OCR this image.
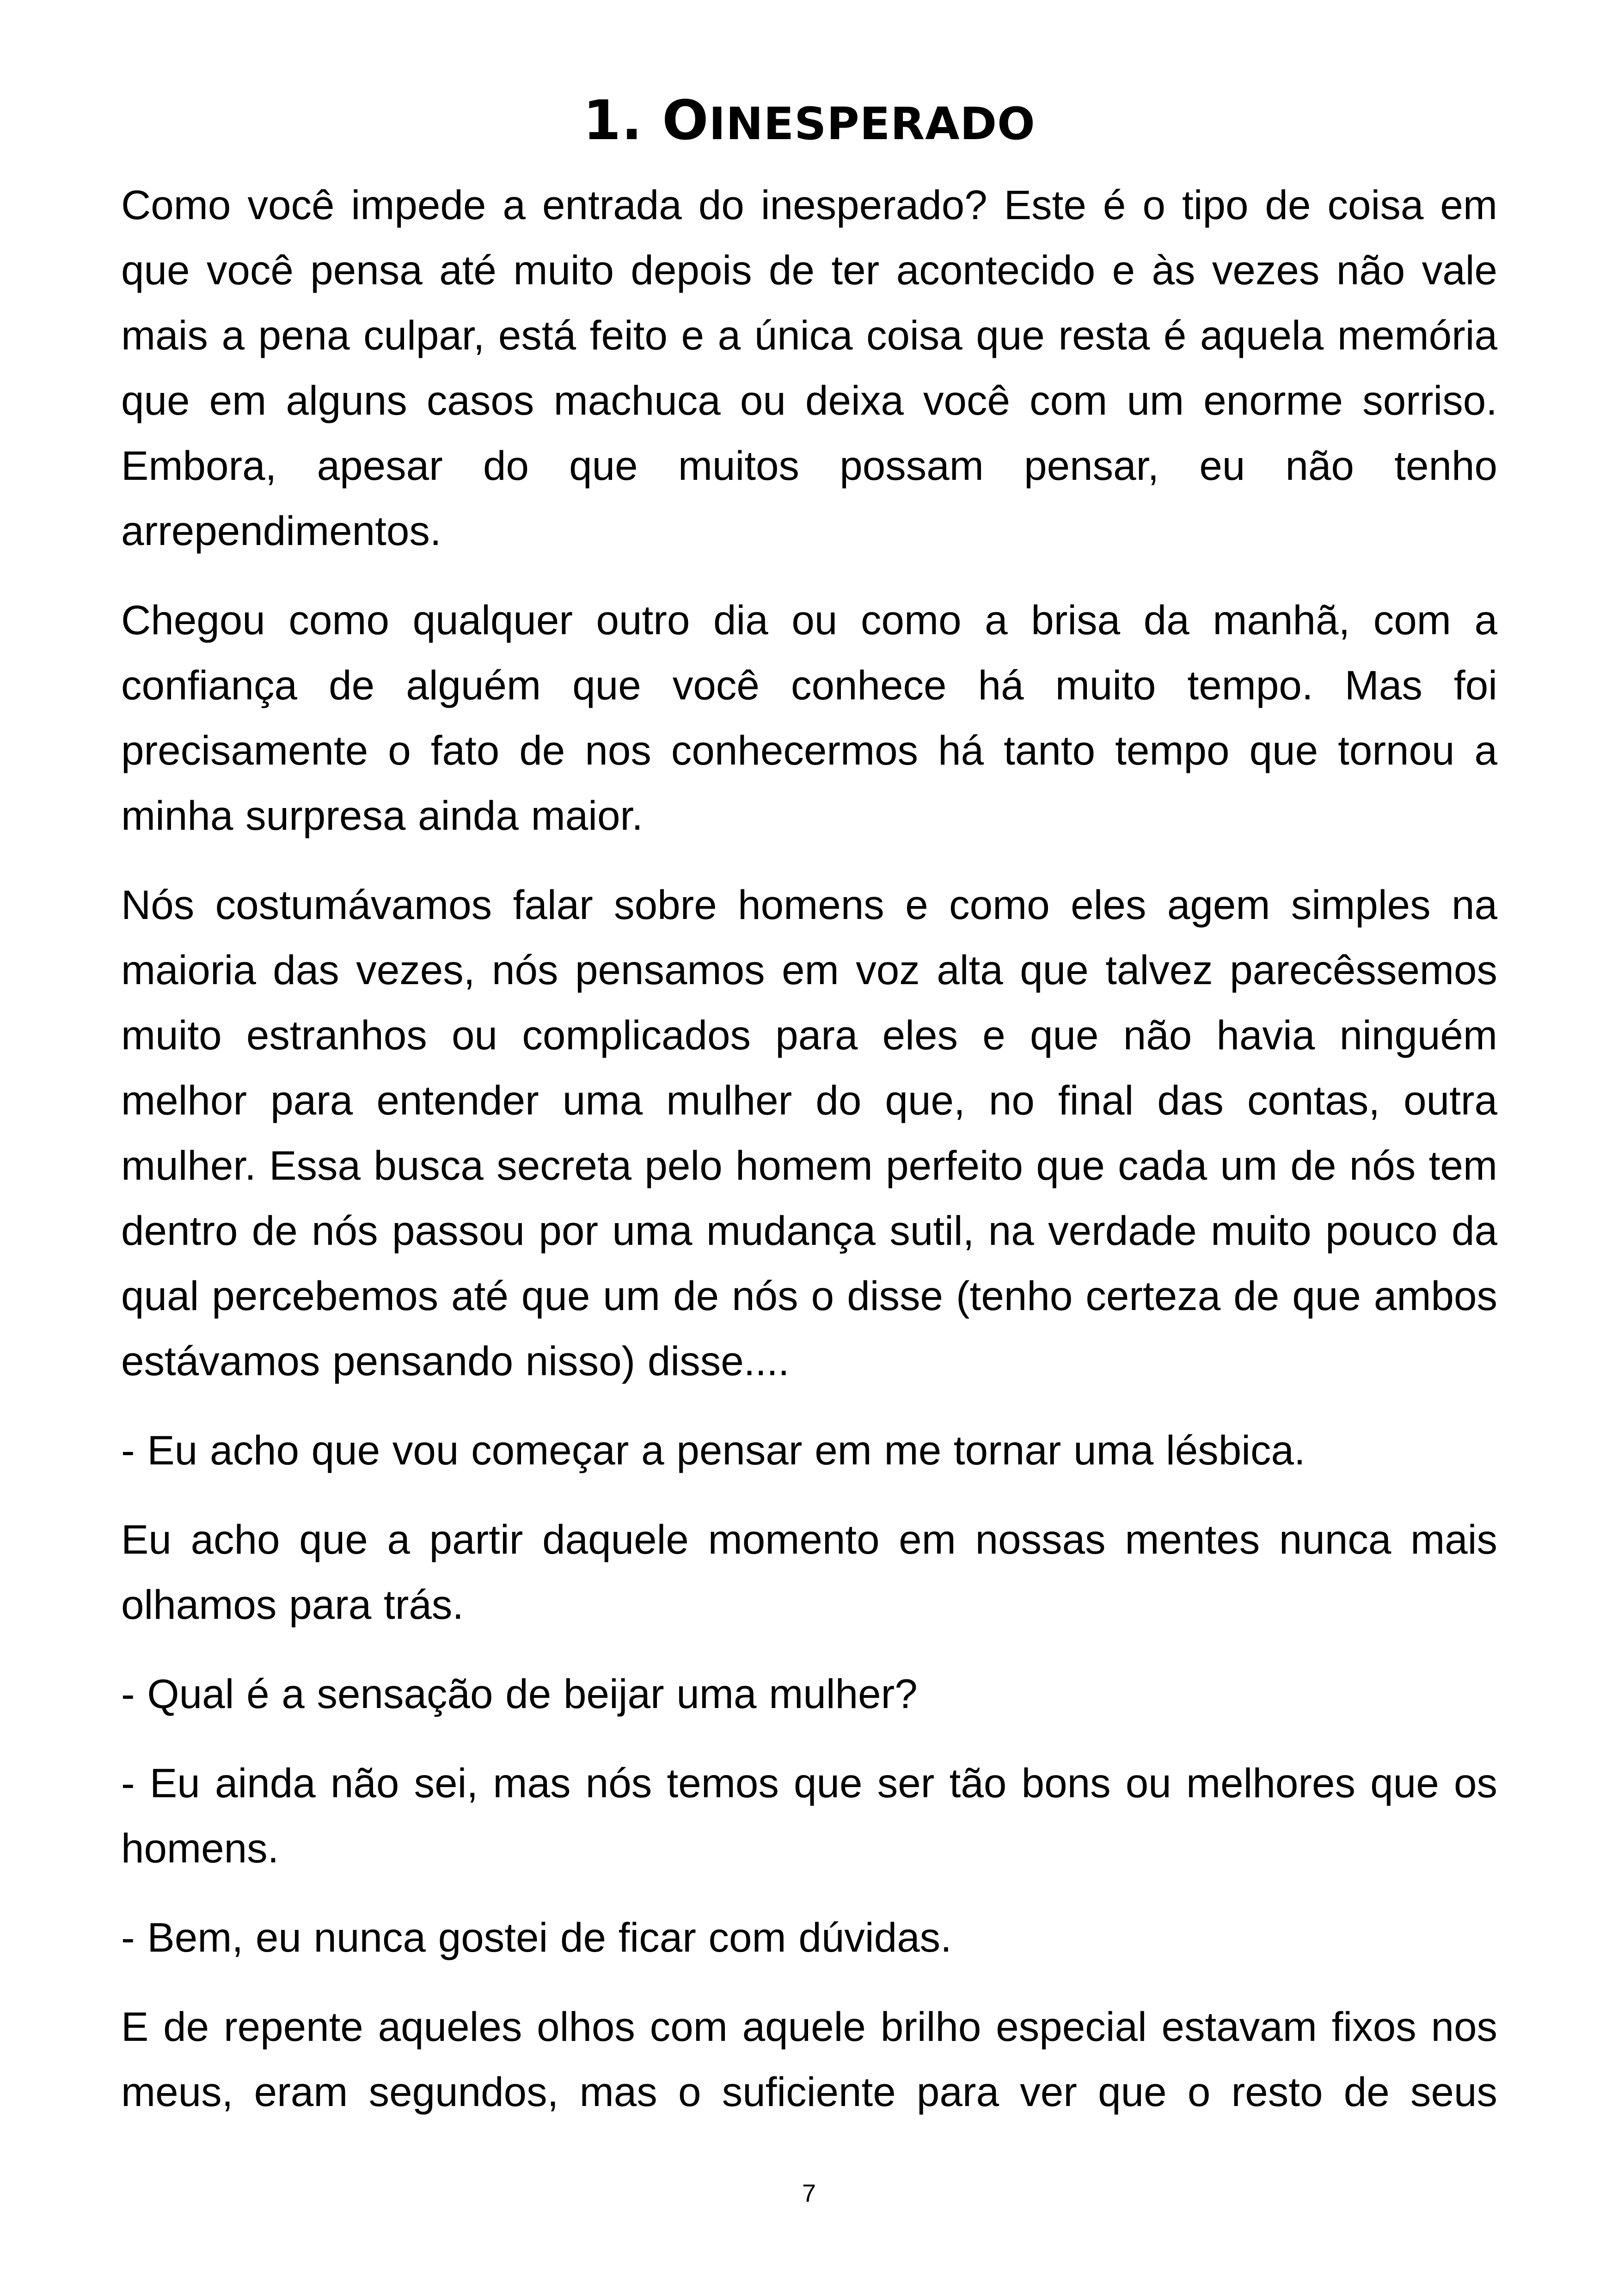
1. OINESPERADO

Como você impede a entrada do inesperado? Este é o tipo de coisa em que você pensa até muito depois de ter acontecido e às vezes não vale mais a pena culpar, está feito e a única coisa que resta é aquela memória que em alguns casos machuca ou deixa você com um enorme sorriso. Embora, apesar do que muitos possam pensar, eu não tenho arrependimentos.

Chegou como qualquer outro dia ou como a brisa da manhã, com a confiança de alguém que você conhece há muito tempo. Mas foi precisamente o fato de nos conhecermos há tanto tempo que tornou a minha surpresa ainda maior.

Nós costumávamos falar sobre homens e como eles agem simples na maioria das vezes, nós pensamos em voz alta que talvez parecêssemos muito estranhos ou complicados para eles e que não havia ninguém melhor para entender uma mulher do que, no final das contas, outra mulher. Essa busca secreta pelo homem perfeito que cada um de nós tem dentro de nós passou por uma mudança sutil, na verdade muito pouco da qual percebemos até que um de nós o disse (tenho certeza de que ambos estávamos pensando nisso) disse....

- Eu acho que vou começar a pensar em me tornar uma lésbica.

Eu acho que a partir daquele momento em nossas mentes nunca mais olhamos para trás.

- Qual é a sensação de beijar uma mulher?

- Eu ainda não sei, mas nós temos que ser tão bons ou melhores que os homens.

- Bem, eu nunca gostei de ficar com dúvidas.

E de repente aqueles olhos com aquele brilho especial estavam fixos nos meus, eram segundos, mas o suficiente para ver que o resto de seus

7
